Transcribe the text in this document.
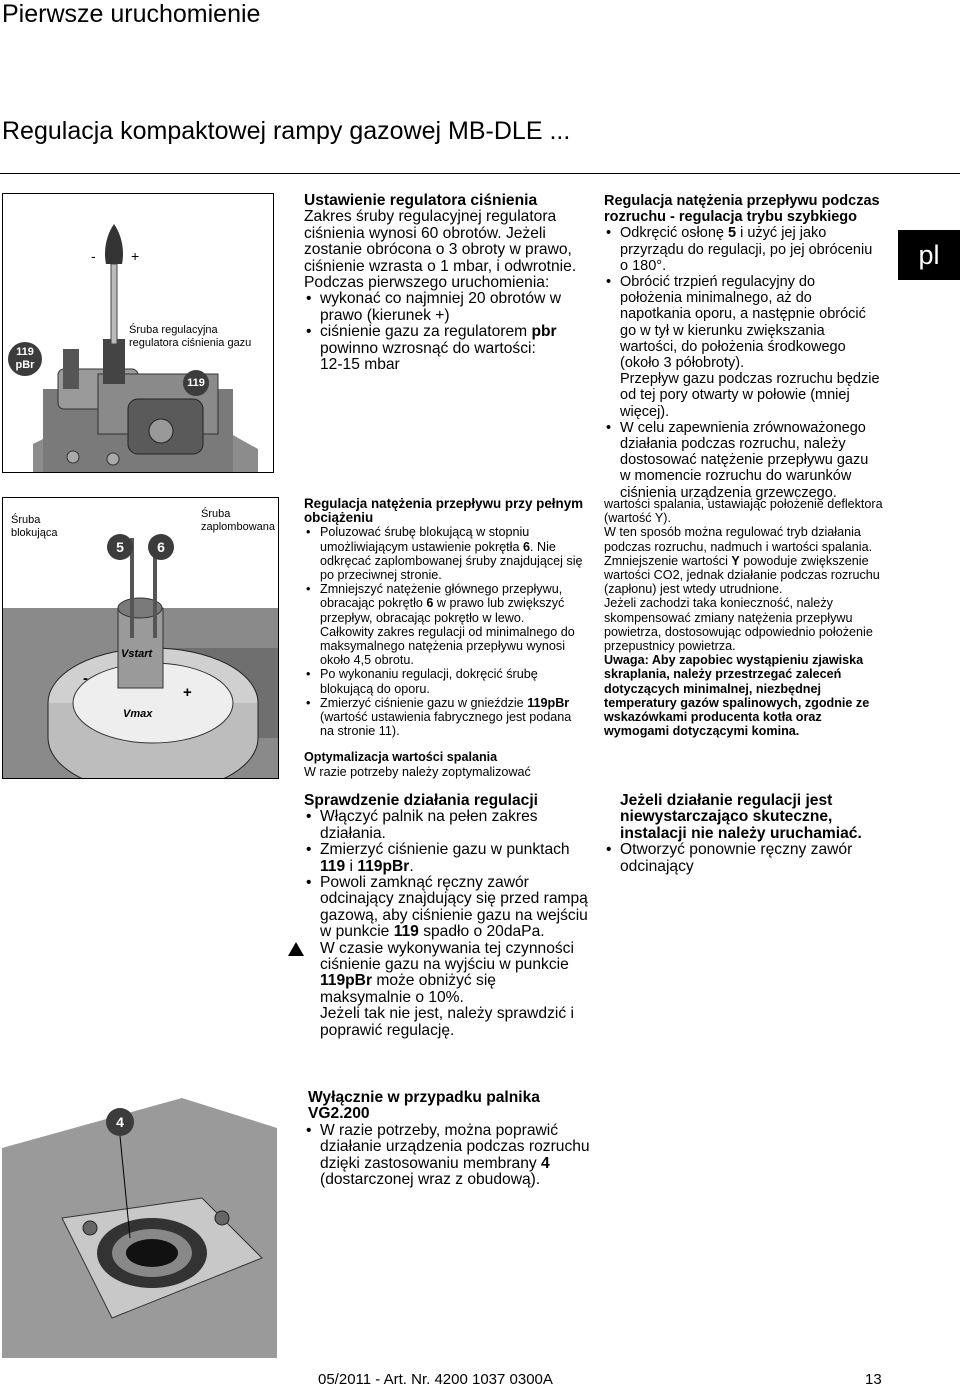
Pierwsze uruchomienie
Regulacja kompaktowej rampy gazowej MB-DLE ...
pl
119
pBr
119
-	+
Śruba regulacyjna regulatora ciśnienia gazu

Ustawienie regulatora ciśnienia

Zakres śruby regulacyjnej regulatora ciśnienia wynosi 60 obrotów. Jeżeli zostanie obrócona o 3 obroty w prawo, ciśnienie wzrasta o 1 mbar, i odwrotnie. Podczas pierwszego uruchomienia:

• wykonać co najmniej 20 obrotów w prawo (kierunek +)
• ciśnienie gazu za regulatorem pbr powinno wzrosnąć do wartości:
12-15 mbar

Regulacja natężenia przepływu podczas rozruchu - regulacja trybu szybkiego

• Odkręcić osłonę 5 i użyć jej jako przyrządu do regulacji, po jej obróceniu o 180°.
• Obrócić trzpień regulacyjny do położenia minimalnego, aż do napotkania oporu, a następnie obrócić go w tył w kierunku zwiększania wartości, do położenia środkowego (około 3 półobroty).
Przepływ gazu podczas rozruchu będzie od tej pory otwarty w połowie (mniej więcej).
• W celu zapewnienia zrównoważonego działania podczas rozruchu, należy dostosować natężenie przepływu gazu w momencie rozruchu do warunków ciśnienia urządzenia grzewczego.
Śruba blokująca
Śruba zaplombowana
5	6
Vstart
Vmax
-
+

Regulacja natężenia przepływu przy pełnym obciążeniu

• Poluzować śrubę blokującą w stopniu umożliwiającym ustawienie pokrętła 6. Nie odkręcać zaplombowanej śruby znajdującej się po przeciwnej stronie.
• Zmniejszyć natężenie głównego przepływu, obracając pokrętło 6 w prawo lub zwiększyć przepływ, obracając pokrętło w lewo.
Całkowity zakres regulacji od minimalnego do maksymalnego natężenia przepływu wynosi około 4,5 obrotu.
• Po wykonaniu regulacji, dokręcić śrubę blokującą do oporu.
• Zmierzyć ciśnienie gazu w gnieździe 119pBr (wartość ustawienia fabrycznego jest podana na stronie 11).

Optymalizacja wartości spalania

W razie potrzeby należy zoptymalizować

wartości spalania, ustawiając położenie deflektora (wartość Y).

W ten sposób można regulować tryb działania podczas rozruchu, nadmuch i wartości spalania.

Zmniejszenie wartości Y powoduje zwiększenie wartości CO2, jednak działanie podczas rozruchu (zapłonu) jest wtedy utrudnione.

Jeżeli zachodzi taka konieczność, należy skompensować zmiany natężenia przepływu powietrza, dostosowując odpowiednio położenie przepustnicy powietrza.

Uwaga: Aby zapobiec wystąpieniu zjawiska skraplania, należy przestrzegać zaleceń dotyczących minimalnej, niezbędnej temperatury gazów spalinowych, zgodnie ze wskazówkami producenta kotła oraz wymogami dotyczącymi komina.

Sprawdzenie działania regulacji

• Włączyć palnik na pełen zakres działania.
• Zmierzyć ciśnienie gazu w punktach 119 i 119pBr.
• Powoli zamknąć ręczny zawór odcinający znajdujący się przed rampą gazową, aby ciśnienie gazu na wejściu w punkcie 119 spadło o 20daPa.
W czasie wykonywania tej czynności ciśnienie gazu na wyjściu w punkcie 119pBr może obniżyć się maksymalnie o 10%.
Jeżeli tak nie jest, należy sprawdzić i poprawić regulację.

Jeżeli działanie regulacji jest niewystarczająco skuteczne, instalacji nie należy uruchamiać.

• Otworzyć ponownie ręczny zawór odcinający
4

Wyłącznie w przypadku palnika VG2.200

• W razie potrzeby, można poprawić działanie urządzenia podczas rozruchu dzięki zastosowaniu membrany 4 (dostarczonej wraz z obudową).
05/2011 - Art. Nr. 4200 1037 0300A	13
